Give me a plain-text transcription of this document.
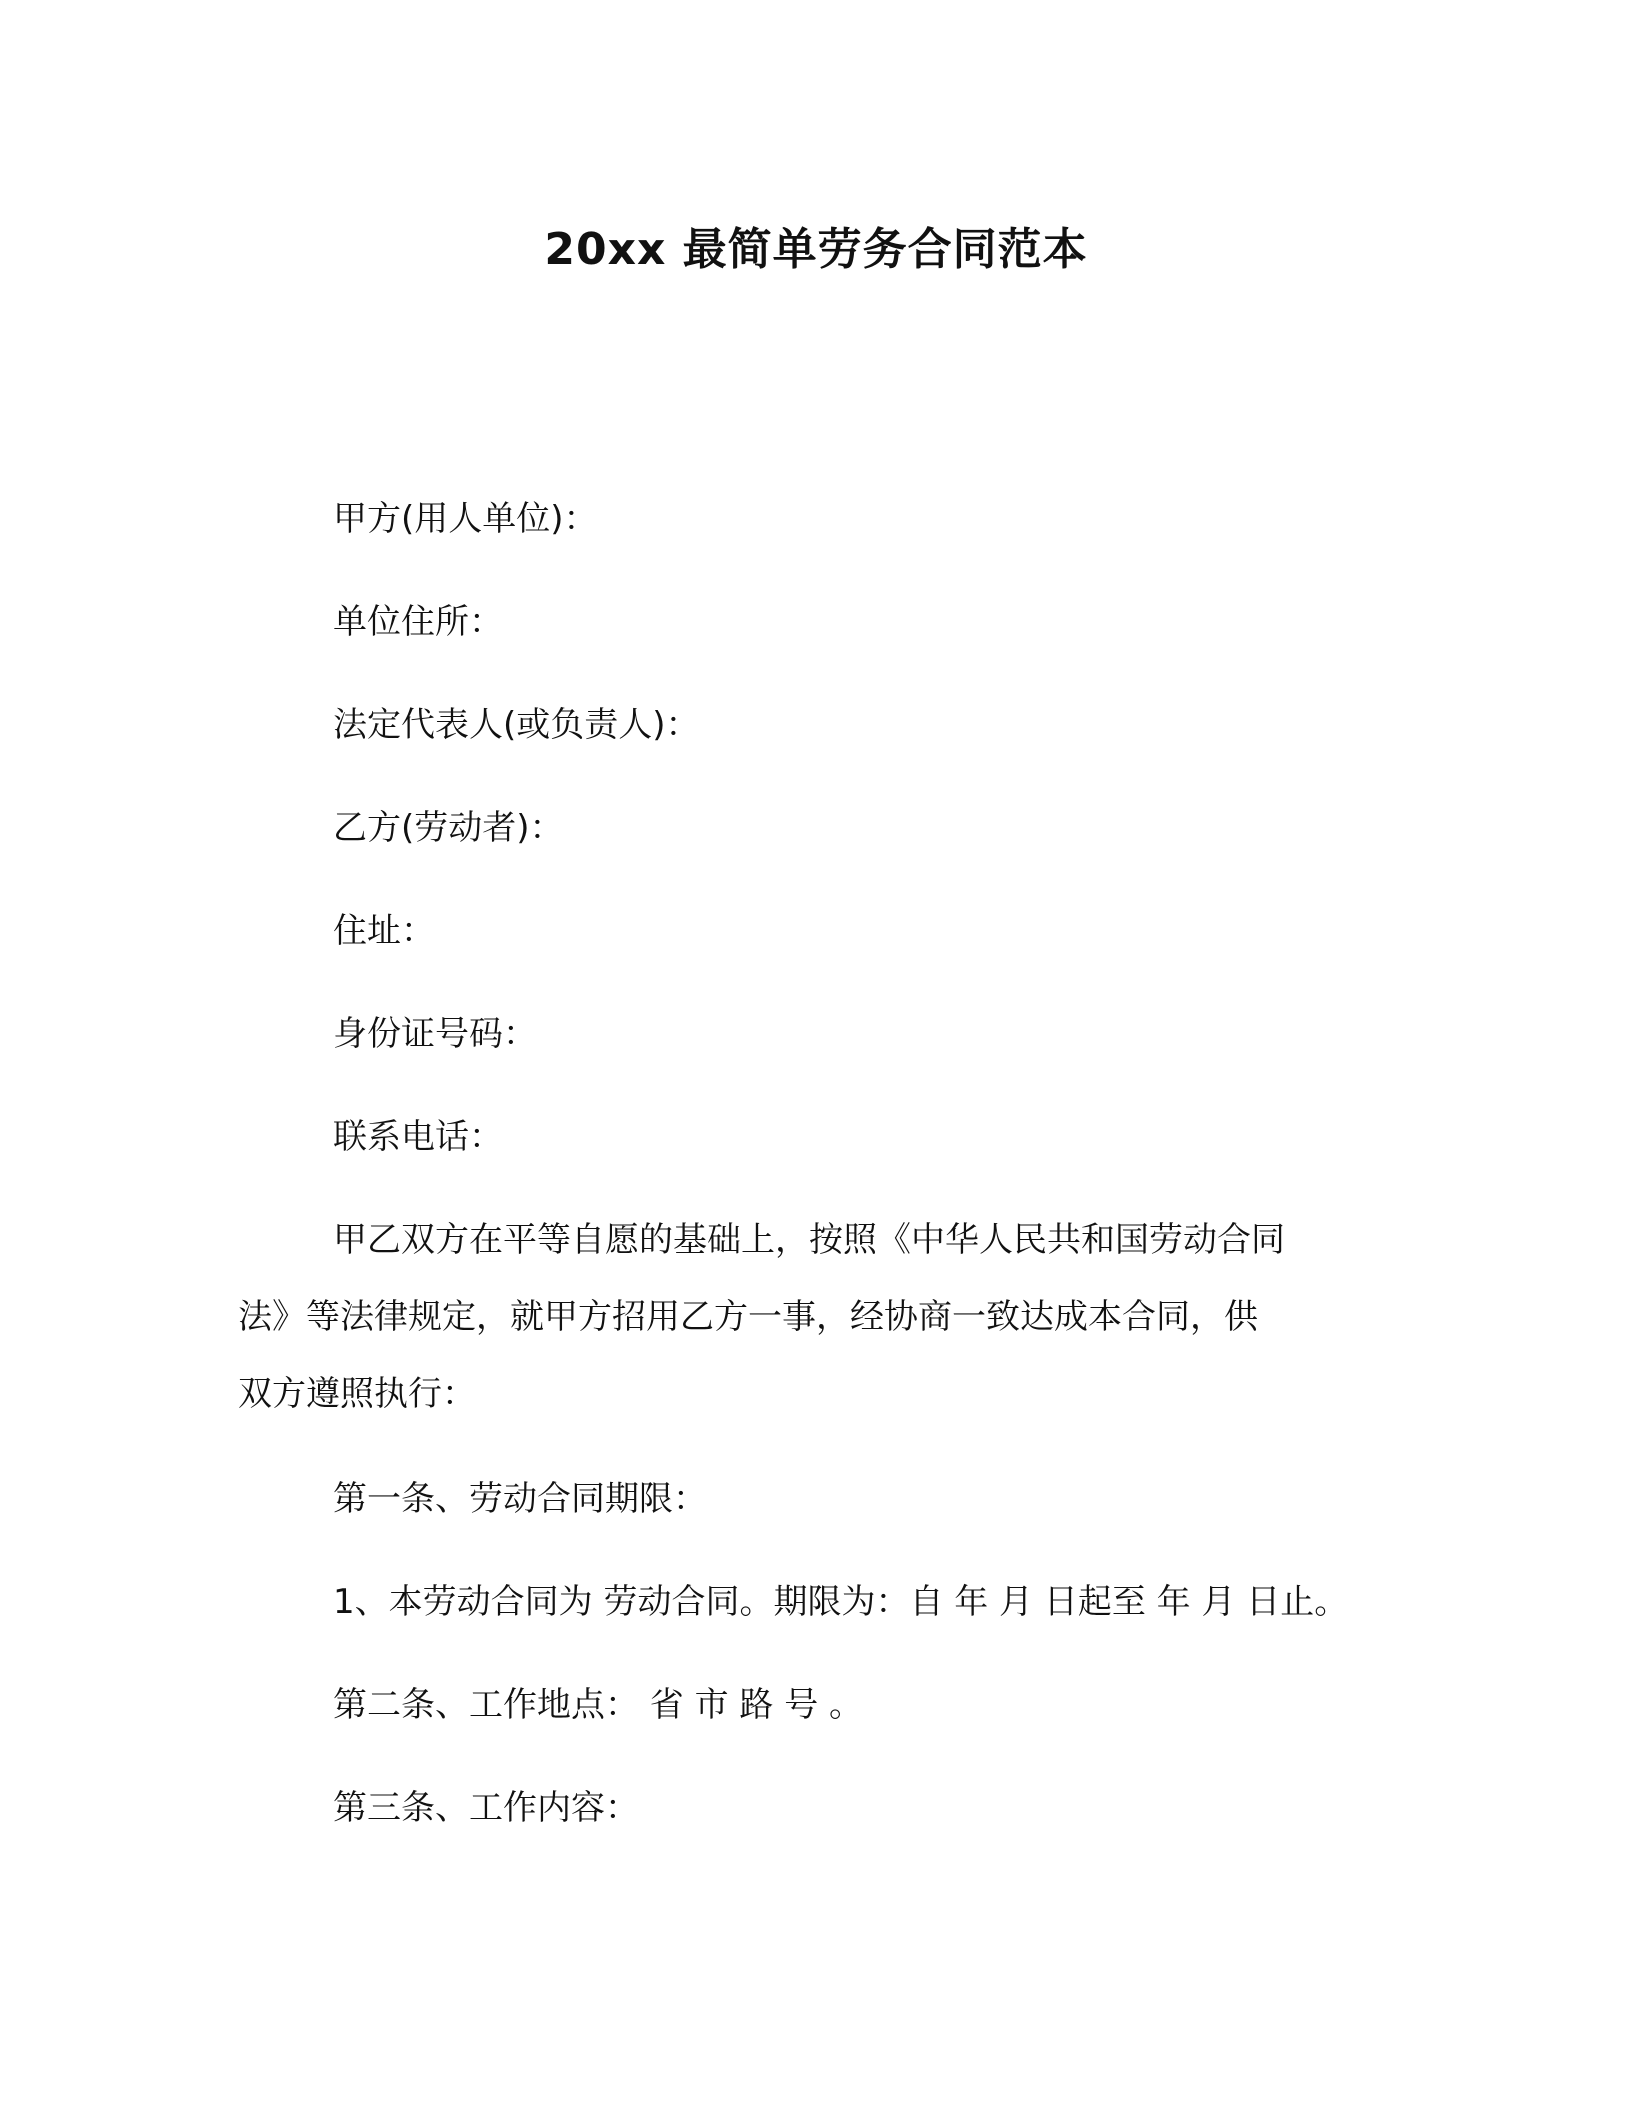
20xx 最简单劳务合同范本
甲方(用人单位)：
单位住所：
法定代表人(或负责人)：
乙方(劳动者)：
住址：
身份证号码：
联系电话：
甲乙双方在平等自愿的基础上，按照《中华人民共和国劳动合同
法》等法律规定，就甲方招用乙方一事，经协商一致达成本合同，供
双方遵照执行：
第一条、劳动合同期限：
1、本劳动合同为 劳动合同。期限为：自 年 月 日起至 年 月 日止。
第二条、工作地点： 省 市 路 号 。
第三条、工作内容：
